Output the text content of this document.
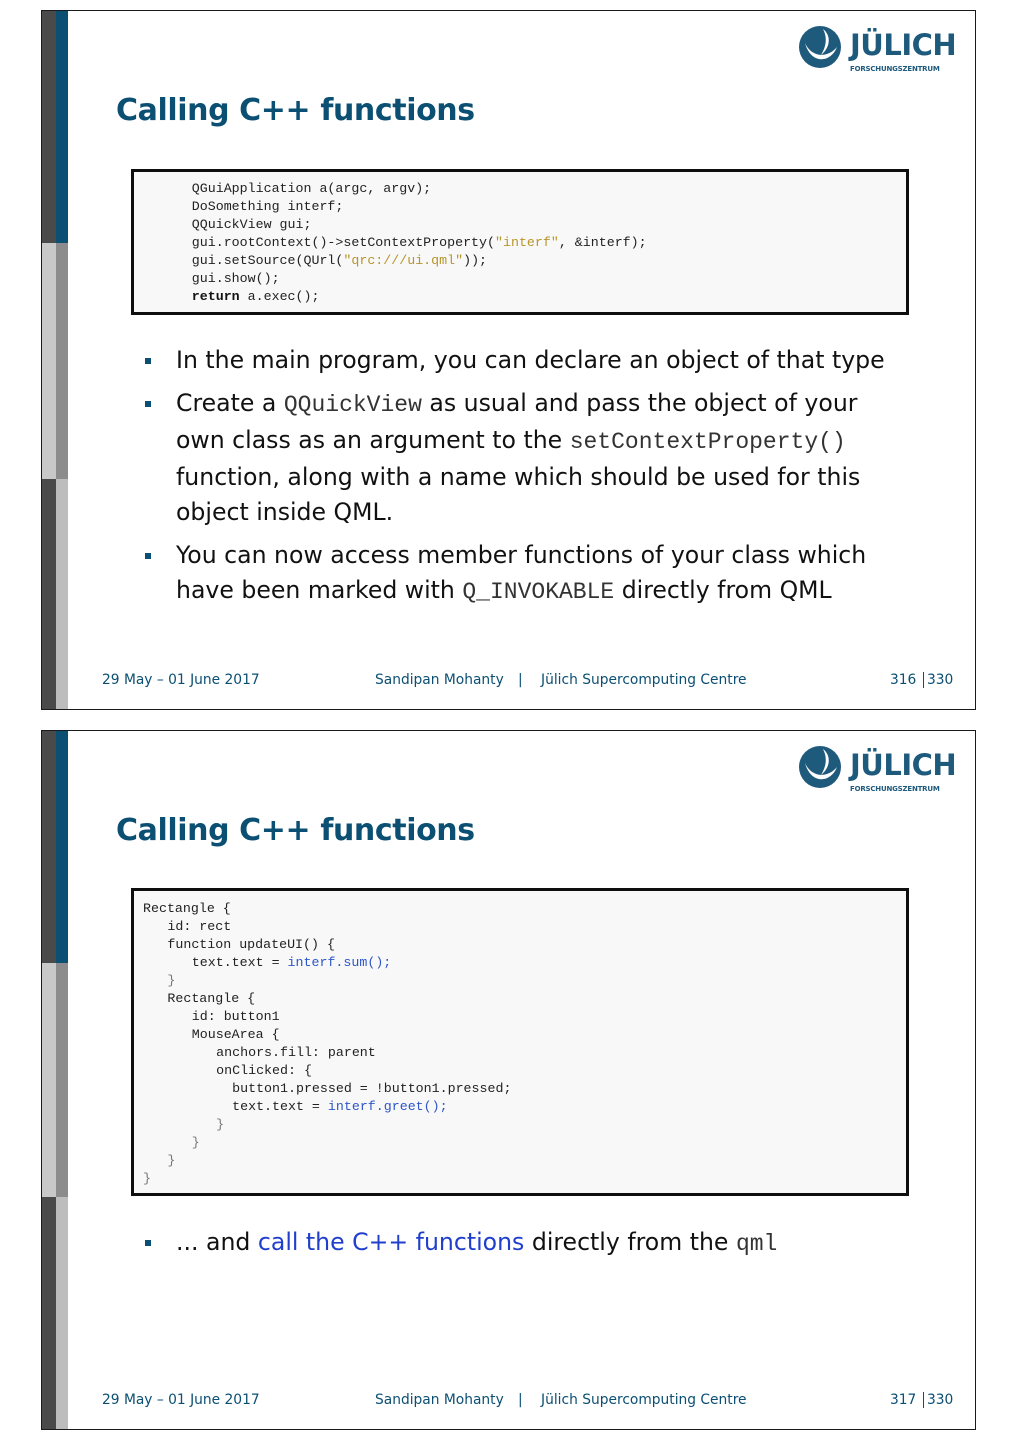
JÜLICH
FORSCHUNGSZENTRUM
Calling C++ functions
QGuiApplication a(argc, argv);
DoSomething interf;
QQuickView gui;
gui.rootContext()->setContextProperty("interf", &interf);
gui.setSource(QUrl("qrc:///ui.qml"));
gui.show();
return a.exec();
In the main program, you can declare an object of that type
Create a QQuickView as usual and pass the object of your own class as an argument to the setContextProperty() function, along with a name which should be used for this object inside QML.
You can now access member functions of your class which have been marked with Q_INVOKABLE directly from QML
29 May – 01 June 2017	Sandipan Mohanty | Jülich Supercomputing Centre	316 330
JÜLICH
FORSCHUNGSZENTRUM
Calling C++ functions
Rectangle {
id: rect
function updateUI() {
text.text = interf.sum();
}
Rectangle {
id: button1
MouseArea {
anchors.fill: parent
onClicked: {
button1.pressed = !button1.pressed;
text.text = interf.greet();
}
}
}
}
... and call the C++ functions directly from the qml
29 May – 01 June 2017	Sandipan Mohanty | Jülich Supercomputing Centre	317 330
